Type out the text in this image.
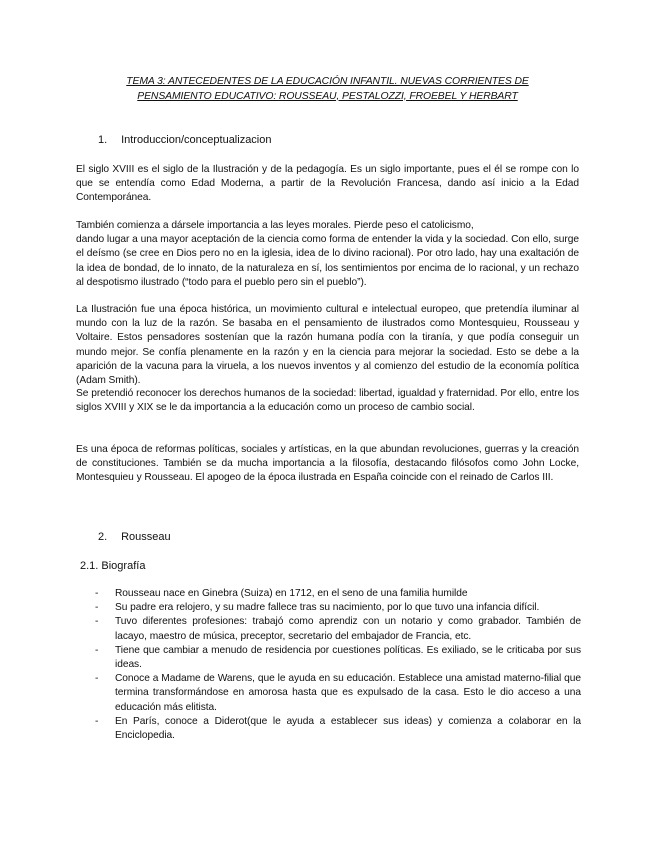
TEMA 3: ANTECEDENTES DE LA EDUCACIÓN INFANTIL. NUEVAS CORRIENTES DE
PENSAMIENTO EDUCATIVO: ROUSSEAU, PESTALOZZI, FROEBEL Y HERBART
1. Introduccion/conceptualizacion

El siglo XVIII es el siglo de la Ilustración y de la pedagogía. Es un siglo importante, pues el él se rompe con lo que se entendía como Edad Moderna, a partir de la Revolución Francesa, dando así inicio a la Edad Contemporánea.

También comienza a dársele importancia a las leyes morales. Pierde peso el catolicismo,
dando lugar a una mayor aceptación de la ciencia como forma de entender la vida y la sociedad. Con ello, surge el deísmo (se cree en Dios pero no en la iglesia, idea de lo divino racional). Por otro lado, hay una exaltación de la idea de bondad, de lo innato, de la naturaleza en sí, los sentimientos por encima de lo racional, y un rechazo al despotismo ilustrado (“todo para el pueblo pero sin el pueblo”).

La Ilustración fue una época histórica, un movimiento cultural e intelectual europeo, que pretendía iluminar al mundo con la luz de la razón. Se basaba en el pensamiento de ilustrados como Montesquieu, Rousseau y Voltaire. Estos pensadores sostenían que la razón humana podía con la tiranía, y que podía conseguir un mundo mejor. Se confía plenamente en la razón y en la ciencia para mejorar la sociedad. Esto se debe a la aparición de la vacuna para la viruela, a los nuevos inventos y al comienzo del estudio de la economía política (Adam Smith).

Se pretendió reconocer los derechos humanos de la sociedad: libertad, igualdad y fraternidad. Por ello, entre los siglos XVIII y XIX se le da importancia a la educación como un proceso de cambio social.

Es una época de reformas políticas, sociales y artísticas, en la que abundan revoluciones, guerras y la creación de constituciones. También se da mucha importancia a la filosofía, destacando filósofos como John Locke, Montesquieu y Rousseau. El apogeo de la época ilustrada en España coincide con el reinado de Carlos III.

2. Rousseau
2.1. Biografía
- Rousseau nace en Ginebra (Suiza) en 1712, en el seno de una familia humilde
- Su padre era relojero, y su madre fallece tras su nacimiento, por lo que tuvo una infancia difícil.
- Tuvo diferentes profesiones: trabajó como aprendiz con un notario y como grabador. También de lacayo, maestro de música, preceptor, secretario del embajador de Francia, etc.
- Tiene que cambiar a menudo de residencia por cuestiones políticas. Es exiliado, se le criticaba por sus ideas.
- Conoce a Madame de Warens, que le ayuda en su educación. Establece una amistad materno-filial que termina transformándose en amorosa hasta que es expulsado de la casa. Esto le dio acceso a una educación más elitista.
- En París, conoce a Diderot(que le ayuda a establecer sus ideas) y comienza a colaborar en la Enciclopedia.
